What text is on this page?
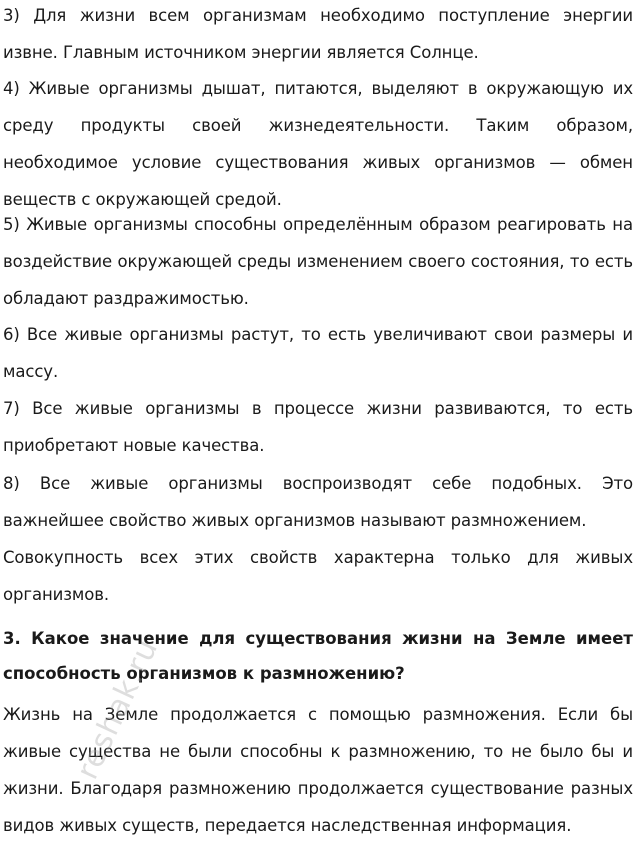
3) Для жизни всем организмам необходимо поступление энергии извне. Главным источником энергии является Солнце.

4) Живые организмы дышат, питаются, выделяют в окружающую их среду продукты своей жизнедеятельности. Таким образом, необходимое условие существования живых организмов — обмен веществ с окружающей средой.

5) Живые организмы способны определённым образом реагировать на воздействие окружающей среды изменением своего состояния, то есть обладают раздражимостью.

6) Все живые организмы растут, то есть увеличивают свои размеры и массу.

7) Все живые организмы в процессе жизни развиваются, то есть приобретают новые качества.

8) Все живые организмы воспроизводят себе подобных. Это важнейшее свойство живых организмов называют размножением.

Совокупность всех этих свойств характерна только для живых организмов.

3. Какое значение для существования жизни на Земле имеет способность организмов к размножению?

Жизнь на Земле продолжается с помощью размножения. Если бы живые существа не были способны к размножению, то не было бы и жизни. Благодаря размножению продолжается существование разных видов живых существ, передается наследственная информация.

reshak.ru
